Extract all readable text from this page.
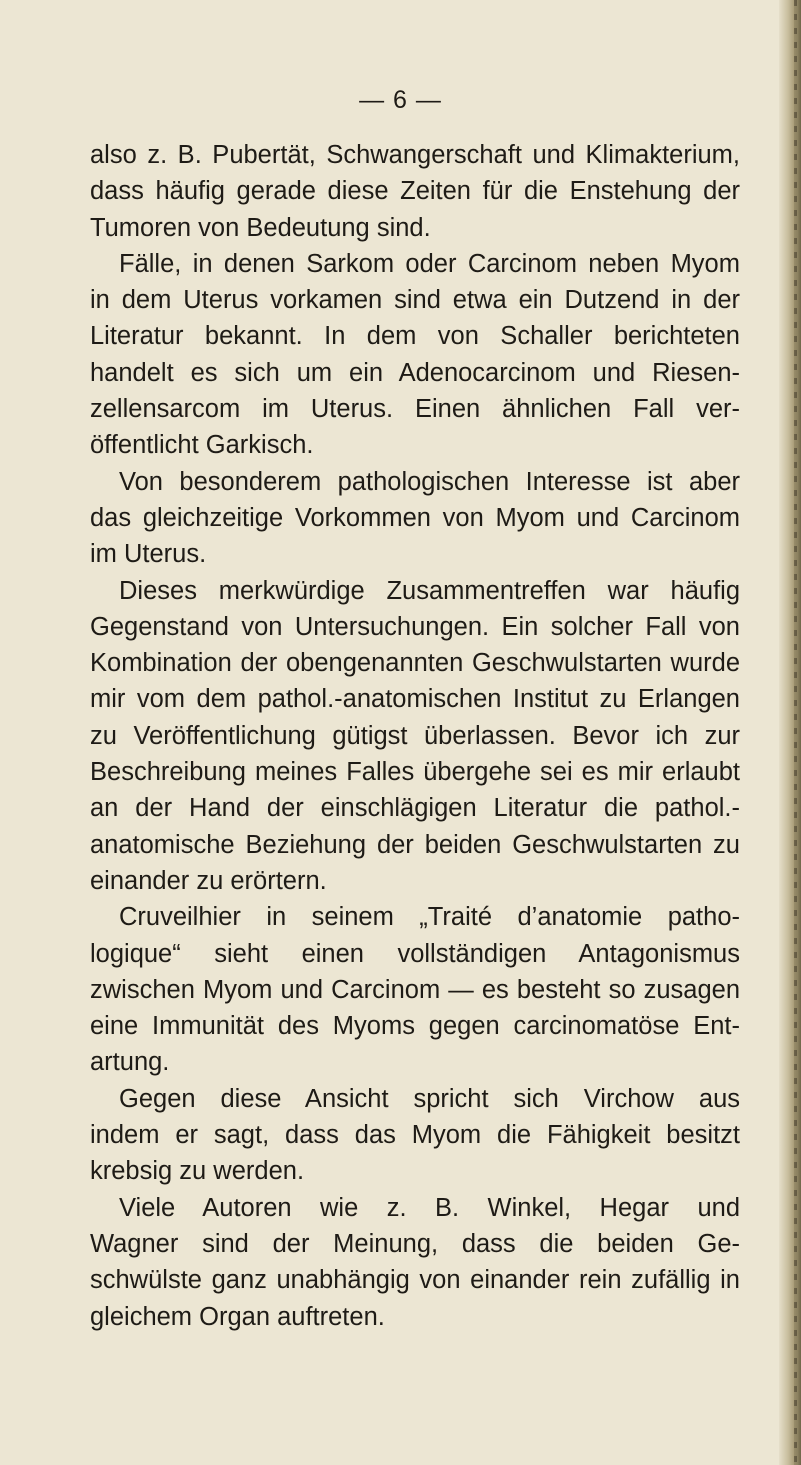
— 6 —
also z. B. Pubertät, Schwangerschaft und Klimakterium,
dass häufig gerade diese Zeiten für die Enstehung der
Tumoren von Bedeutung sind.
Fälle, in denen Sarkom oder Carcinom neben Myom
in dem Uterus vorkamen sind etwa ein Dutzend in der
Literatur bekannt. In dem von Schaller berichteten
handelt es sich um ein Adenocarcinom und Riesen-
zellensarcom im Uterus. Einen ähnlichen Fall ver-
öffentlicht Garkisch.
Von besonderem pathologischen Interesse ist aber
das gleichzeitige Vorkommen von Myom und Carcinom
im Uterus.
Dieses merkwürdige Zusammentreffen war häufig
Gegenstand von Untersuchungen. Ein solcher Fall von
Kombination der obengenannten Geschwulstarten wurde
mir vom dem pathol.-anatomischen Institut zu Erlangen
zu Veröffentlichung gütigst überlassen. Bevor ich zur
Beschreibung meines Falles übergehe sei es mir erlaubt
an der Hand der einschlägigen Literatur die pathol.-
anatomische Beziehung der beiden Geschwulstarten zu
einander zu erörtern.
Cruveilhier in seinem „Traité d’anatomie patho-
logique“ sieht einen vollständigen Antagonismus
zwischen Myom und Carcinom — es besteht so zusagen
eine Immunität des Myoms gegen carcinomatöse Ent-
artung.
Gegen diese Ansicht spricht sich Virchow aus
indem er sagt, dass das Myom die Fähigkeit besitzt
krebsig zu werden.
Viele Autoren wie z. B. Winkel, Hegar und
Wagner sind der Meinung, dass die beiden Ge-
schwülste ganz unabhängig von einander rein zufällig in
gleichem Organ auftreten.
